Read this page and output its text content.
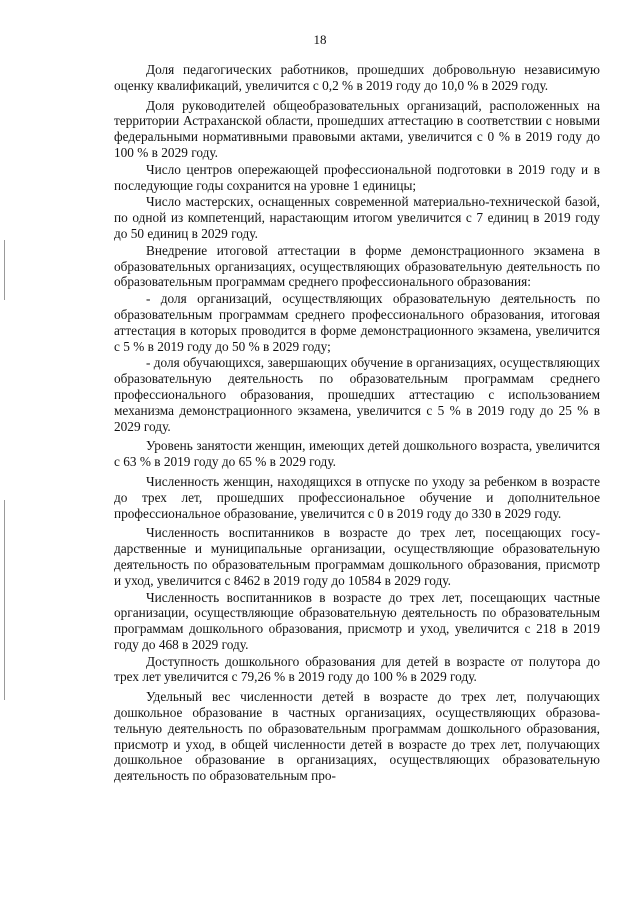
18

Доля педагогических работников, прошедших добровольную независимую оценку квалификаций, увеличится с 0,2 % в 2019 году до 10,0 % в 2029 году.

Доля руководителей общеобразовательных организаций, расположенных на территории Астраханской области, прошедших аттестацию в соответствии с новыми федеральными нормативными правовыми актами, увеличится с 0 % в 2019 году до 100 % в 2029 году.

Число центров опережающей профессиональной подготовки в 2019 году и в последующие годы сохранится на уровне 1 единицы;

Число мастерских, оснащенных современной материально-технической базой, по одной из компетенций, нарастающим итогом увеличится с 7 единиц в 2019 году до 50 единиц в 2029 году.

Внедрение итоговой аттестации в форме демонстрационного экзамена в образовательных организациях, осуществляющих образовательную деятельность по образовательным программам среднего профессионального образования:

- доля организаций, осуществляющих образовательную деятельность по образовательным программам среднего профессионального образования, итоговая аттестация в которых проводится в форме демонстрационного экзамена, увеличится с 5 % в 2019 году до 50 % в 2029 году;

- доля обучающихся, завершающих обучение в организациях, осуществляющих образовательную деятельность по образовательным программам среднего профессионального образования, прошедших аттестацию с использованием механизма демонстрационного экзамена, увеличится с 5 % в 2019 году до 25 % в 2029 году.

Уровень занятости женщин, имеющих детей дошкольного возраста, увеличится с 63 % в 2019 году до 65 % в 2029 году.

Численность женщин, находящихся в отпуске по уходу за ребенком в возрасте до трех лет, прошедших профессиональное обучение и дополнительное профессиональное образование, увеличится с 0 в 2019 году до 330 в 2029 году.

Численность воспитанников в возрасте до трех лет, посещающих государственные и муниципальные организации, осуществляющие образовательную деятельность по образовательным программам дошкольного образования, присмотр и уход, увеличится с 8462 в 2019 году до 10584 в 2029 году.

Численность воспитанников в возрасте до трех лет, посещающих частные организации, осуществляющие образовательную деятельность по образовательным программам дошкольного образования, присмотр и уход, увеличится с 218 в 2019 году до 468 в 2029 году.

Доступность дошкольного образования для детей в возрасте от полутора до трех лет увеличится с 79,26 % в 2019 году до 100 % в 2029 году.

Удельный вес численности детей в возрасте до трех лет, получающих дошкольное образование в частных организациях, осуществляющих образовательную деятельность по образовательным программам дошкольного образования, присмотр и уход, в общей численности детей в возрасте до трех лет, получающих дошкольное образование в организациях, осуществляющих образовательную деятельность по образовательным про-
